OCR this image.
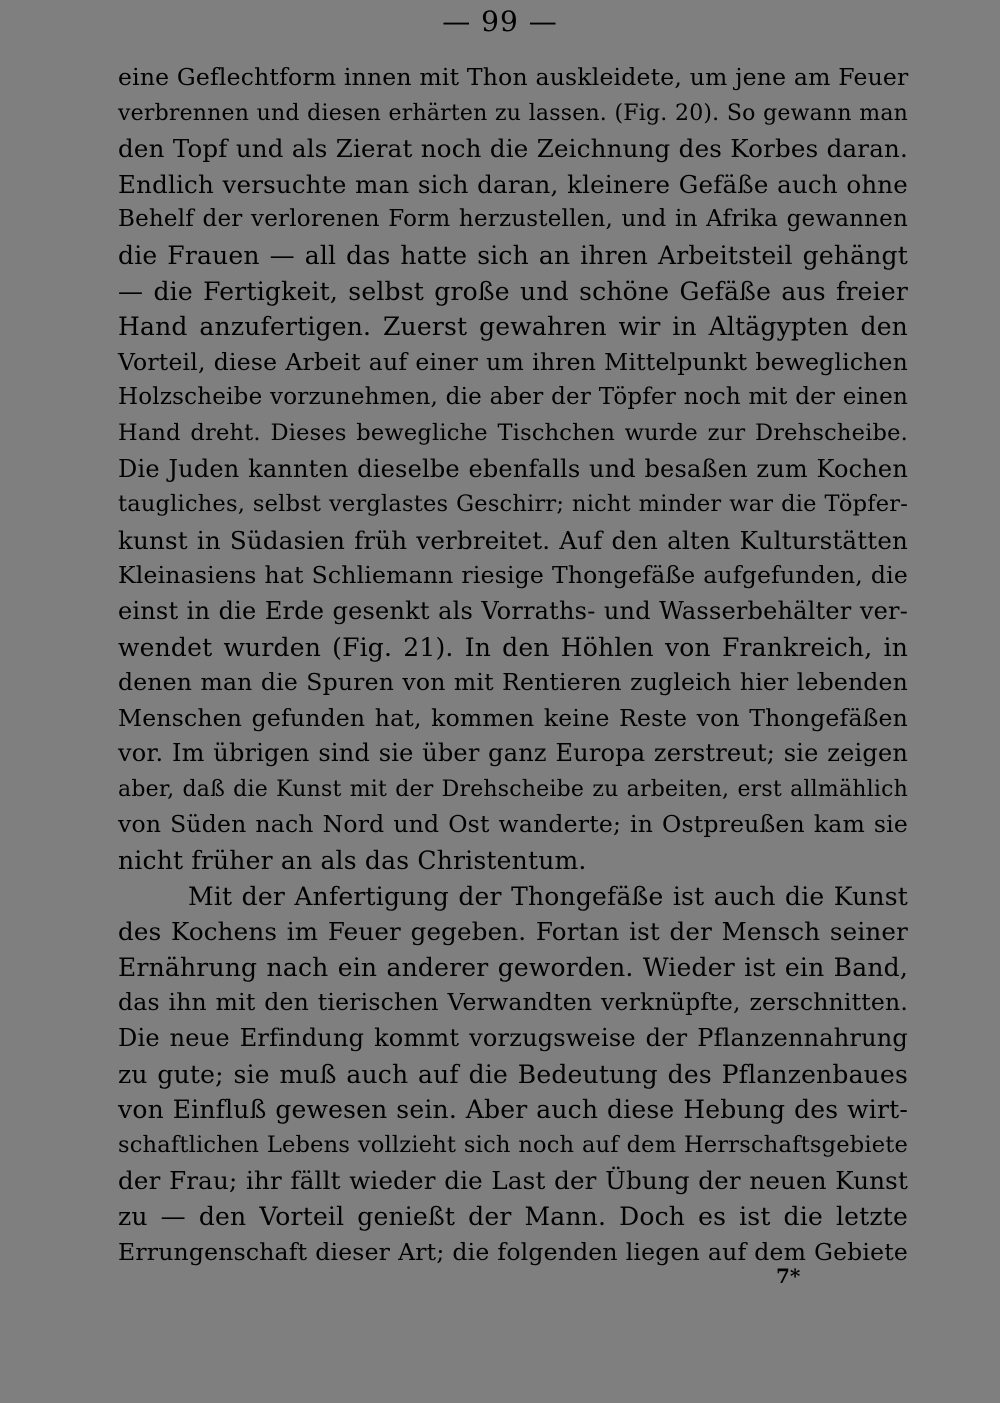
— 99 —
eine Geflechtform innen mit Thon auskleidete, um jene am Feuer
verbrennen und diesen erhärten zu lassen. (Fig. 20). So gewann man
den Topf und als Zierat noch die Zeichnung des Korbes daran.
Endlich versuchte man sich daran, kleinere Gefäße auch ohne
Behelf der verlorenen Form herzustellen, und in Afrika gewannen
die Frauen — all das hatte sich an ihren Arbeitsteil gehängt
— die Fertigkeit, selbst große und schöne Gefäße aus freier
Hand anzufertigen. Zuerst gewahren wir in Altägypten den
Vorteil, diese Arbeit auf einer um ihren Mittelpunkt beweglichen
Holzscheibe vorzunehmen, die aber der Töpfer noch mit der einen
Hand dreht. Dieses bewegliche Tischchen wurde zur Drehscheibe.
Die Juden kannten dieselbe ebenfalls und besaßen zum Kochen
taugliches, selbst verglastes Geschirr; nicht minder war die Töpfer-
kunst in Südasien früh verbreitet. Auf den alten Kulturstätten
Kleinasiens hat Schliemann riesige Thongefäße aufgefunden, die
einst in die Erde gesenkt als Vorraths- und Wasserbehälter ver-
wendet wurden (Fig. 21). In den Höhlen von Frankreich, in
denen man die Spuren von mit Rentieren zugleich hier lebenden
Menschen gefunden hat, kommen keine Reste von Thongefäßen
vor. Im übrigen sind sie über ganz Europa zerstreut; sie zeigen
aber, daß die Kunst mit der Drehscheibe zu arbeiten, erst allmählich
von Süden nach Nord und Ost wanderte; in Ostpreußen kam sie
nicht früher an als das Christentum.
Mit der Anfertigung der Thongefäße ist auch die Kunst
des Kochens im Feuer gegeben. Fortan ist der Mensch seiner
Ernährung nach ein anderer geworden. Wieder ist ein Band,
das ihn mit den tierischen Verwandten verknüpfte, zerschnitten.
Die neue Erfindung kommt vorzugsweise der Pflanzennahrung
zu gute; sie muß auch auf die Bedeutung des Pflanzenbaues
von Einfluß gewesen sein. Aber auch diese Hebung des wirt-
schaftlichen Lebens vollzieht sich noch auf dem Herrschaftsgebiete
der Frau; ihr fällt wieder die Last der Übung der neuen Kunst
zu — den Vorteil genießt der Mann. Doch es ist die letzte
Errungenschaft dieser Art; die folgenden liegen auf dem Gebiete
7*
